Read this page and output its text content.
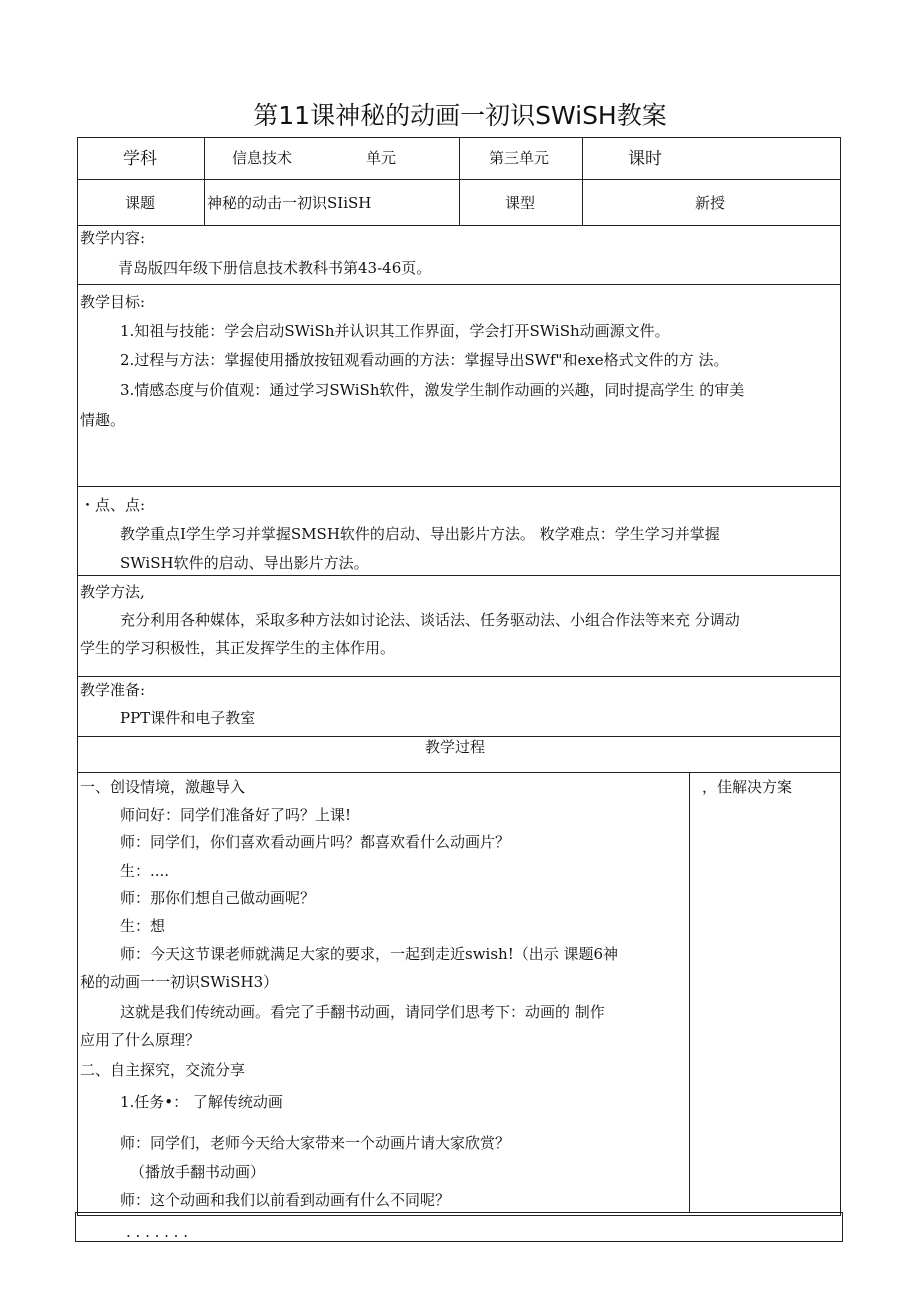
第11课神秘的动画一初识SWiSH教案
学科	信息技术	单元	第三单元	课时
课题	神秘的动击一初识SIiSH	课型	新授
教学内容:
青岛版四年级下册信息技术教科书第43-46页。
教学目标:
1.知祖与技能：学会启动SWiSh并认识其工作界面，学会打开SWiSh动画源文件。
2.过程与方法：掌握使用播放按钮观看动画的方法：掌握导出SWf"和exe格式文件的方 法。
3.情感态度与价值观：通过学习SWiSh软件，激发学生制作动画的兴趣，同时提高学生 的审美
情趣。
・点、点:
教学重点I学生学习并掌握SMSH软件的启动、导出影片方法。 敉学难点：学生学习并掌握
SWiSH软件的启动、导出影片方法。
教学方法,
充分利用各种媒体，采取多种方法如讨论法、谈话法、任务驱动法、小组合作法等来充 分调动
学生的学习积极性，其正发挥学生的主体作用。
教学准备:
PPT课件和电子教室
教学过程
，佳解决方案
一、创设情境，激趣导入
师问好：同学们准备好了吗？上课!
师：同学们，你们喜欢看动画片吗？都喜欢看什么动画片？
生：....
师：那你们想自己做动画呢？
生：想
师：今天这节课老师就满足大家的要求，一起到走近swish!（出示 课题6神
秘的动画一一初识SWiSH3）
这就是我们传统动画。看完了手翻书动画，请同学们思考下：动画的 制作
应用了什么原理？
二、自主探究，交流分享
1.任务•： 了解传统动画
师：同学们，老师今天给大家带来一个动画片请大家欣赏？
（播放手翻书动画）
师：这个动画和我们以前看到动画有什么不同呢？
. . . . . . .
